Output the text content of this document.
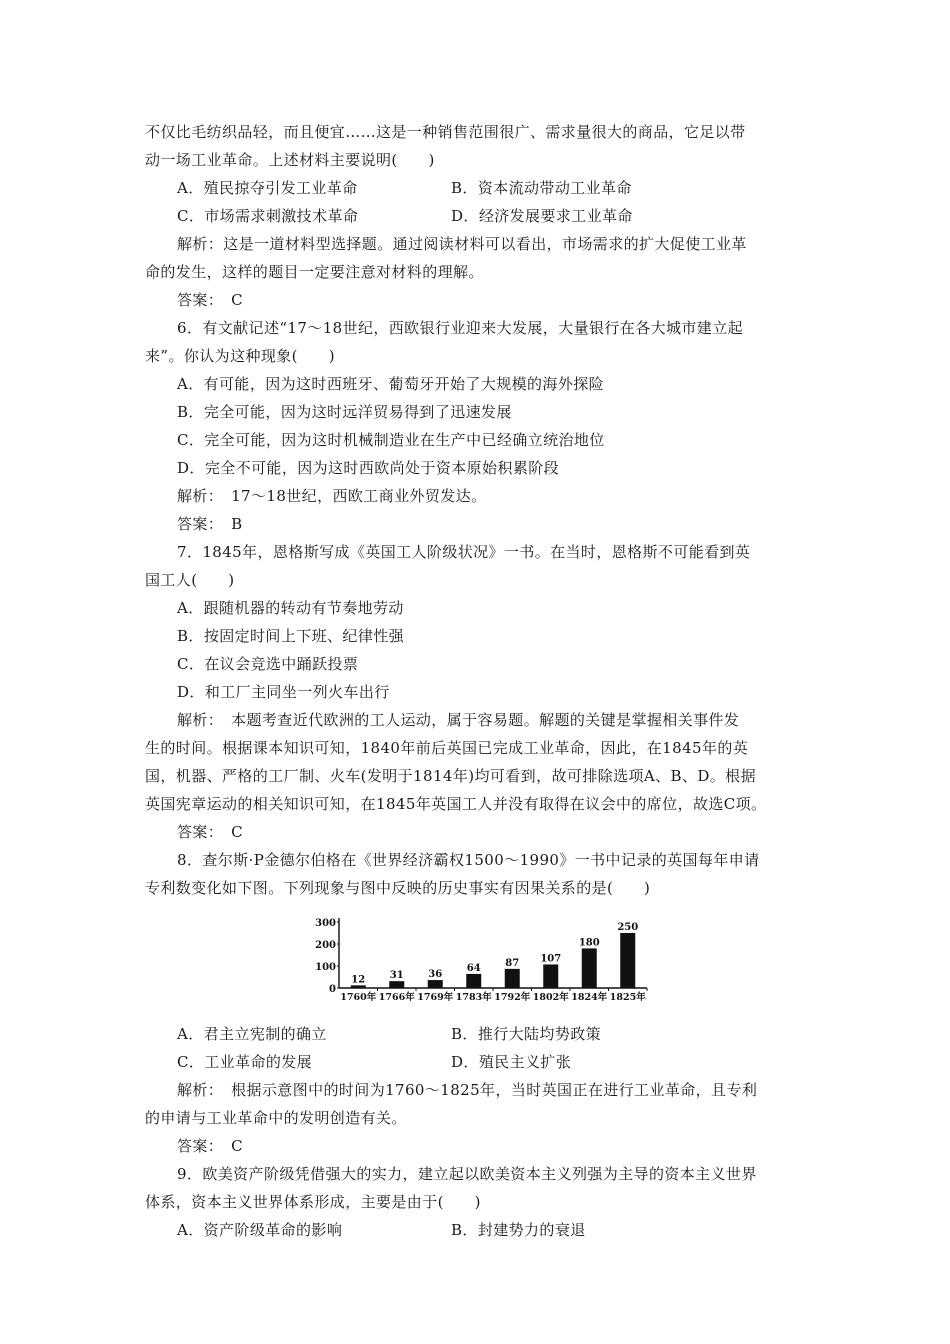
不仅比毛纺织品轻，而且便宜……这是一种销售范围很广、需求量很大的商品，它足以带
动一场工业革命。上述材料主要说明(　　)
A．殖民掠夺引发工业革命	B．资本流动带动工业革命
C．市场需求刺激技术革命	D．经济发展要求工业革命
解析：这是一道材料型选择题。通过阅读材料可以看出，市场需求的扩大促使工业革
命的发生，这样的题目一定要注意对材料的理解。
答案：　C
6．有文献记述“17～18世纪，西欧银行业迎来大发展，大量银行在各大城市建立起
来”。你认为这种现象(　　)
A．有可能，因为这时西班牙、葡萄牙开始了大规模的海外探险
B．完全可能，因为这时远洋贸易得到了迅速发展
C．完全可能，因为这时机械制造业在生产中已经确立统治地位
D．完全不可能，因为这时西欧尚处于资本原始积累阶段
解析：　17～18世纪，西欧工商业外贸发达。
答案：　B
7．1845年，恩格斯写成《英国工人阶级状况》一书。在当时，恩格斯不可能看到英
国工人(　　)
A．跟随机器的转动有节奏地劳动
B．按固定时间上下班、纪律性强
C．在议会竞选中踊跃投票
D．和工厂主同坐一列火车出行
解析：　本题考查近代欧洲的工人运动，属于容易题。解题的关键是掌握相关事件发
生的时间。根据课本知识可知，1840年前后英国已完成工业革命，因此，在1845年的英
国，机器、严格的工厂制、火车(发明于1814年)均可看到，故可排除选项A、B、D。根据
英国宪章运动的相关知识可知，在1845年英国工人并没有取得在议会中的席位，故选C项。
答案：　C
8．查尔斯·P金德尔伯格在《世界经济霸权1500～1990》一书中记录的英国每年申请
专利数变化如下图。下列现象与图中反映的历史事实有因果关系的是(　　)
300
200
100
0
12
1760年
31
1766年
36
1769年
64
1783年
87
1792年
107
1802年
180
1824年
250
1825年
A．君主立宪制的确立	B．推行大陆均势政策
C．工业革命的发展	D．殖民主义扩张
解析：　根据示意图中的时间为1760～1825年，当时英国正在进行工业革命，且专利
的申请与工业革命中的发明创造有关。
答案：　C
9．欧美资产阶级凭借强大的实力，建立起以欧美资本主义列强为主导的资本主义世界
体系，资本主义世界体系形成，主要是由于(　　)
A．资产阶级革命的影响	B．封建势力的衰退
